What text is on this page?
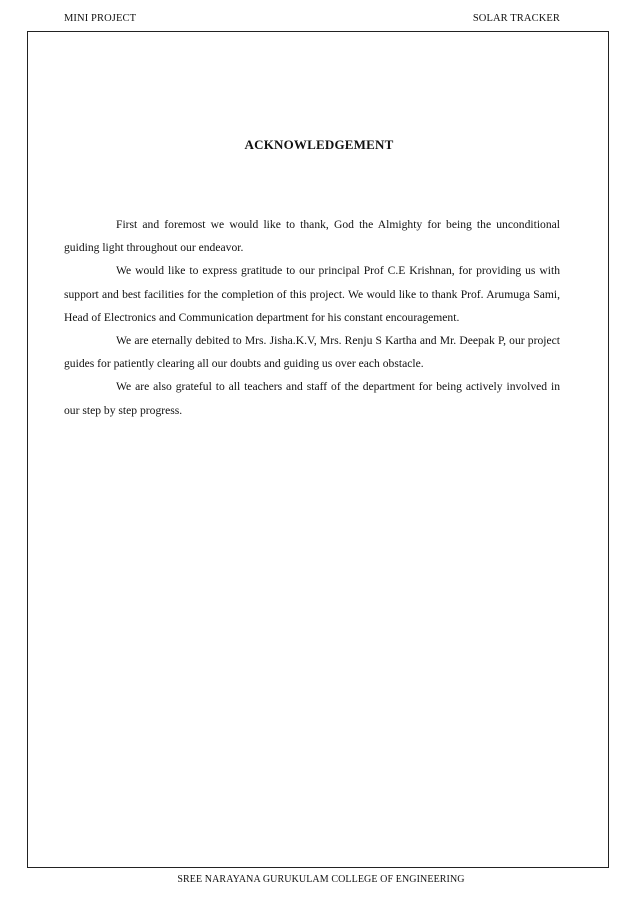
MINI PROJECT	SOLAR TRACKER
ACKNOWLEDGEMENT

First and foremost we would like to thank, God the Almighty for being the unconditional guiding light throughout our endeavor.

We would like to express gratitude to our principal Prof C.E Krishnan, for providing us with support and best facilities for the completion of this project. We would like to thank Prof. Arumuga Sami, Head of Electronics and Communication department for his constant encouragement.

We are eternally debited to Mrs. Jisha.K.V, Mrs. Renju S Kartha and Mr. Deepak P, our project guides for patiently clearing all our doubts and guiding us over each obstacle.

We are also grateful to all teachers and staff of the department for being actively involved in our step by step progress.

SREE NARAYANA GURUKULAM COLLEGE OF ENGINEERING
